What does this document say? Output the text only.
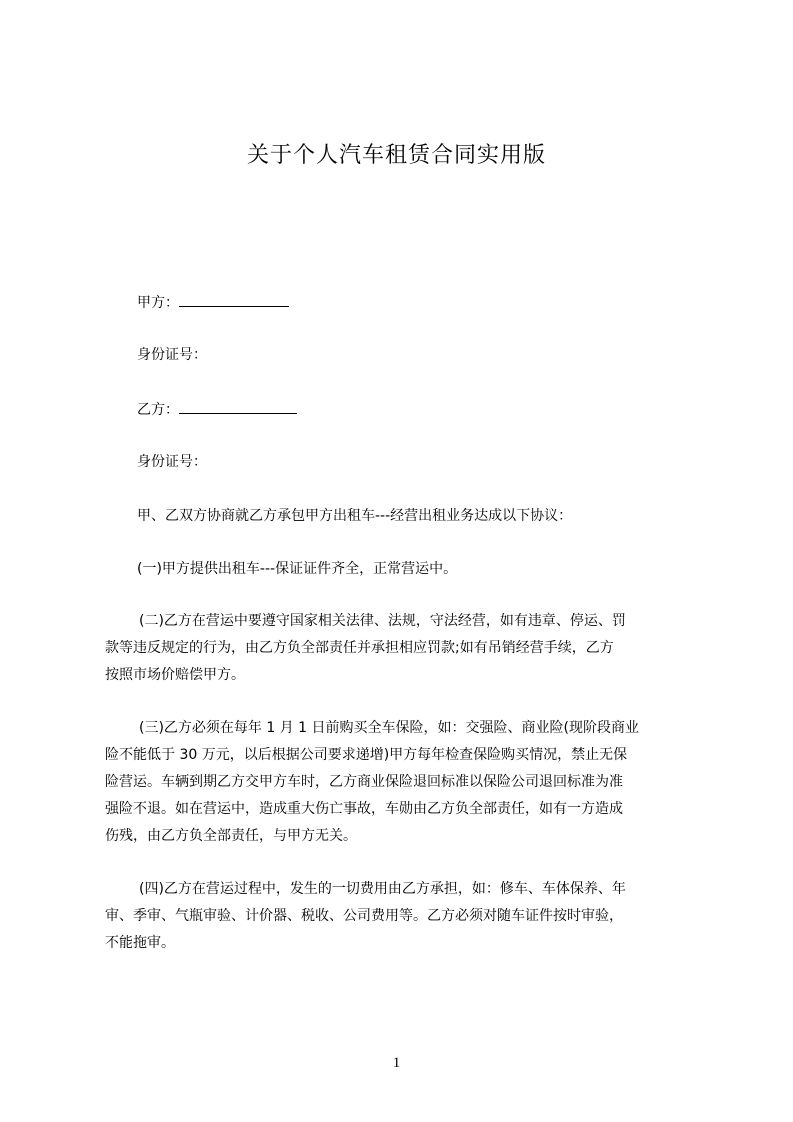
关于个人汽车租赁合同实用版
甲方：
身份证号：
乙方：
身份证号：
甲、乙双方协商就乙方承包甲方出租车---经营出租业务达成以下协议：
(一)甲方提供出租车---保证证件齐全，正常营运中。
(二)乙方在营运中要遵守国家相关法律、法规，守法经营，如有违章、停运、罚
款等违反规定的行为，由乙方负全部责任并承担相应罚款;如有吊销经营手续，乙方
按照市场价赔偿甲方。
(三)乙方必须在每年 1 月 1 日前购买全车保险，如：交强险、商业险(现阶段商业
险不能低于 30 万元，以后根据公司要求递增)甲方每年检查保险购买情况，禁止无保
险营运。车辆到期乙方交甲方车时，乙方商业保险退回标准以保险公司退回标准为准
强险不退。如在营运中，造成重大伤亡事故，车勋由乙方负全部责任，如有一方造成
伤残，由乙方负全部责任，与甲方无关。
(四)乙方在营运过程中，发生的一切费用由乙方承担，如：修车、车体保养、年
审、季审、气瓶审验、计价器、税收、公司费用等。乙方必须对随车证件按时审验，
不能拖审。
1
